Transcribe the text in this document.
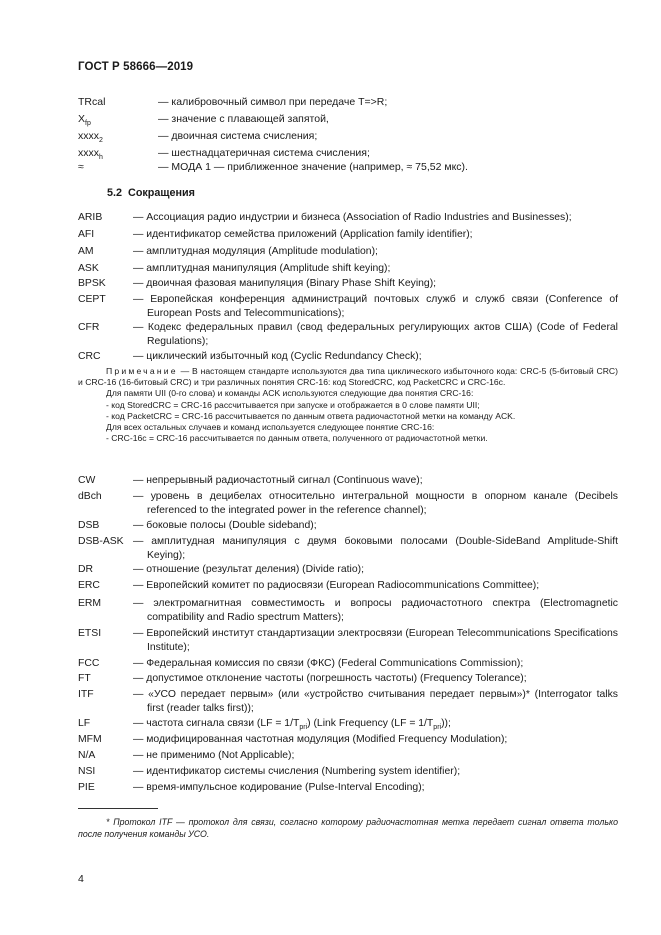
ГОСТ Р 58666—2019
TRcal	— калибровочный символ при передаче T=>R;
$X_{fp}$	— значение с плавающей запятой,
xxxx$_2$	— двоичная система счисления;
xxxx$_h$	— шестнадцатеричная система счисления;
≈	— МОДА 1 — приближенное значение (например, ≈ 75,52 мкс).
5.2 Сокращения
ARIB	— Ассоциация радио индустрии и бизнеса (Association of Radio Industries and Businesses);
AFI	— идентификатор семейства приложений (Application family identifier);
AM	— амплитудная модуляция (Amplitude modulation);
ASK	— амплитудная манипуляция (Amplitude shift keying);
BPSK	— двоичная фазовая манипуляция (Binary Phase Shift Keying);
CEPT	— Европейская конференция администраций почтовых служб и служб связи (Conference of European Posts and Telecommunications);
CFR	— Кодекс федеральных правил (свод федеральных регулирующих актов США) (Code of Federal Regulations);
CRC	— циклический избыточный код (Cyclic Redundancy Check);

Примечание — В настоящем стандарте используются два типа циклического избыточного кода: CRC-5 (5-битовый CRC) и CRC-16 (16-битовый CRC) и три различных понятия CRC-16: код StoredCRC, код PacketCRC и CRC-16c.

Для памяти UII (0-го слова) и команды ACK используются следующие два понятия CRC-16:

- код StoredCRC = CRC-16 рассчитывается при запуске и отображается в 0 слове памяти UII;

- код PacketCRC = CRC-16 рассчитывается по данным ответа радиочастотной метки на команду ACK.

Для всех остальных случаев и команд используется следующее понятие CRC-16:

- CRC-16c = CRC-16 рассчитывается по данным ответа, полученного от радиочастотной метки.

CW	— непрерывный радиочастотный сигнал (Continuous wave);
dBch	— уровень в децибелах относительно интегральной мощности в опорном канале (Decibels referenced to the integrated power in the reference channel);
DSB	— боковые полосы (Double sideband);
DSB-ASK — амплитудная манипуляция с двумя боковыми полосами (Double-SideBand Amplitude-Shift Keying);
DR	— отношение (результат деления) (Divide ratio);
ERC	— Европейский комитет по радиосвязи (European Radiocommunications Committee);
ERM	— электромагнитная совместимость и вопросы радиочастотного спектра (Electromagnetic compatibility and Radio spectrum Matters);
ETSI	— Европейский институт стандартизации электросвязи (European Telecommunications Specifications Institute);
FCC	— Федеральная комиссия по связи (ФКС) (Federal Communications Commission);
FT	— допустимое отклонение частоты (погрешность частоты) (Frequency Tolerance);
ITF	— «УСО передает первым» (или «устройство считывания передает первым»)* (Interrogator talks first (reader talks first));
LF	— частота сигнала связи $(LF = 1/T_{pri})$ (Link Frequency $(LF = 1/T_{pri})$);
MFM	— модифицированная частотная модуляция (Modified Frequency Modulation);
N/A	— не применимо (Not Applicable);
NSI	— идентификатор системы счисления (Numbering system identifier);
PIE	— время-импульсное кодирование (Pulse-Interval Encoding);
* Протокол ITF — протокол для связи, согласно которому радиочастотная метка передает сигнал ответа только после получения команды УСО.
4
